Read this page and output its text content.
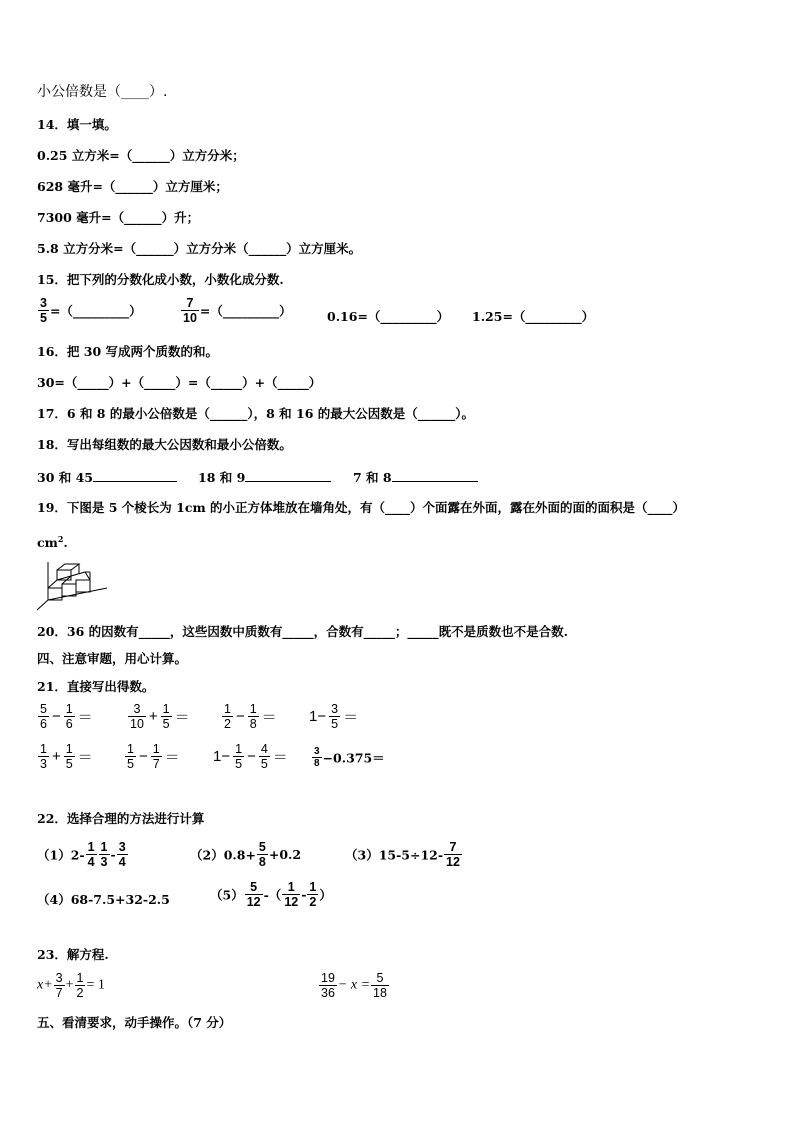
小公倍数是（____）.
14．填一填。
0.25 立方米=（______）立方分米；
628 毫升=（______）立方厘米；
7300 毫升=（______）升；
5.8 立方分米=（______）立方分米（______）立方厘米。
15．把下列的分数化成小数，小数化成分数.
$\frac{3}{5}$ =（_________）	$\frac{7}{10}$ =（_________）	0.16=（_________） 1.25=（_________）
16．把 30 写成两个质数的和。
30=（_____）+（_____）=（_____）+（_____）
17．6 和 8 的最小公倍数是（______），8 和 16 的最大公因数是（______）。
18．写出每组数的最大公因数和最小公倍数。
30 和 45	18 和 9	7 和 8
19．下图是 5 个棱长为 1cm 的小正方体堆放在墙角处，有（____）个面露在外面，露在外面的面的面积是（____）
$cm^2$.
20．36 的因数有_____，这些因数中质数有_____，合数有_____；_____既不是质数也不是合数.
四、注意审题，用心计算。
21．直接写出得数。
$\frac{5}{6} - \frac{1}{6}$ ＝	$\frac{3}{10} + \frac{1}{5}$ ＝	$\frac{1}{2} - \frac{1}{8} = 1- \frac{3}{5}$ ＝
$\frac{1}{3} + \frac{1}{5}$ ＝	$\frac{1}{5} - \frac{1}{7} = 1- \frac{1}{5} - \frac{4}{5} = \frac{3}{8} -0.375=$
22．选择合理的方法进行计算
$(1)2- \frac{1}{4} \frac{1}{3} - \frac{3}{4}$	$(2)0.8+ \frac{5}{8} +0.2$	$(3)15-5\div 12- \frac{7}{12}$
（4）68-7.5+32-2.5	$(5) \frac{5}{12}$ -（ $\frac{1}{12} - \frac{1}{2}$ ）
23．解方程.
$x+ \frac{3}{7} + \frac{1}{2} = 1$	$\frac{19}{36} - x = \frac{5}{18}$
五、看清要求，动手操作。（7 分）
